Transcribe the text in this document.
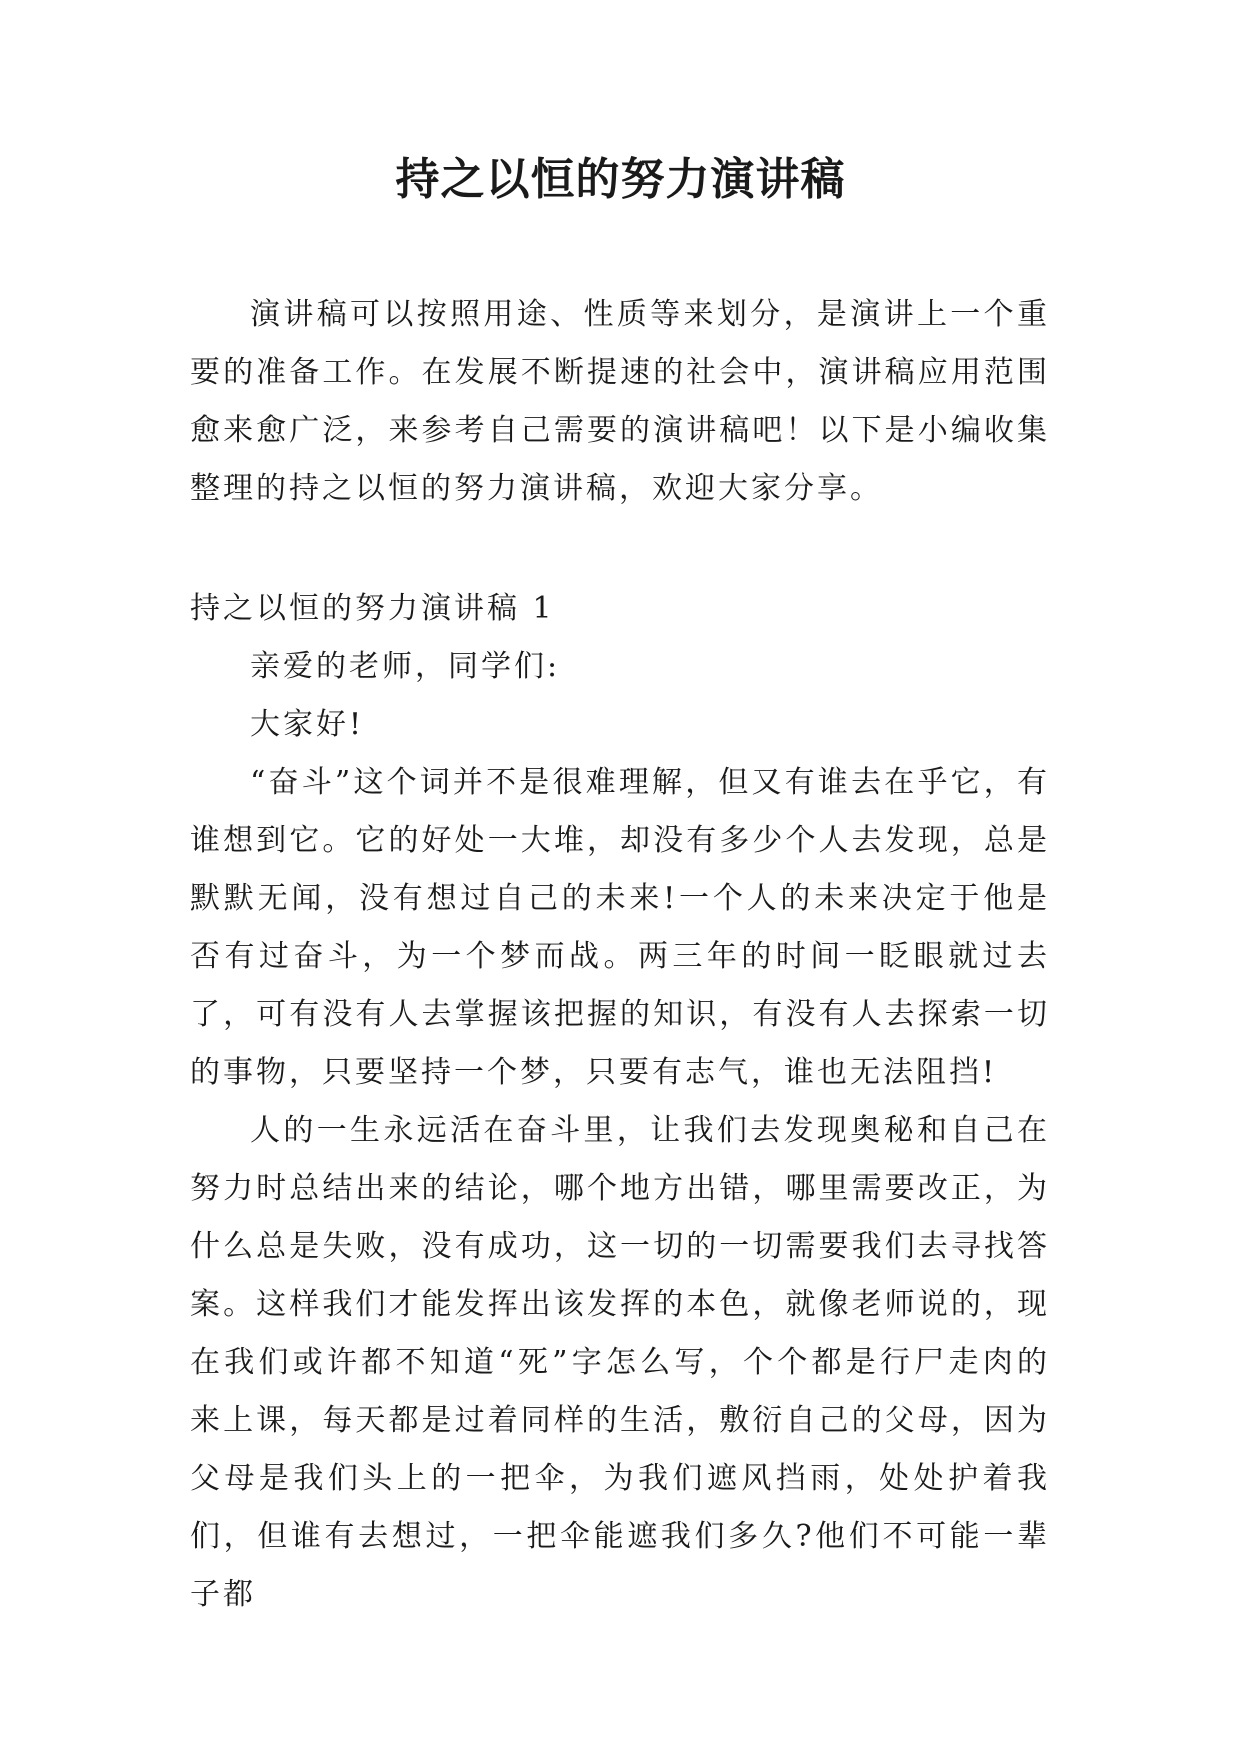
持之以恒的努力演讲稿

演讲稿可以按照用途、性质等来划分，是演讲上一个重要的准备工作。在发展不断提速的社会中，演讲稿应用范围愈来愈广泛，来参考自己需要的演讲稿吧！以下是小编收集整理的持之以恒的努力演讲稿，欢迎大家分享。

持之以恒的努力演讲稿 1

亲爱的老师，同学们:

大家好!

“奋斗”这个词并不是很难理解，但又有谁去在乎它，有谁想到它。它的好处一大堆，却没有多少个人去发现，总是默默无闻，没有想过自己的未来!一个人的未来决定于他是否有过奋斗，为一个梦而战。两三年的时间一眨眼就过去了，可有没有人去掌握该把握的知识，有没有人去探索一切的事物，只要坚持一个梦，只要有志气，谁也无法阻挡!

人的一生永远活在奋斗里，让我们去发现奥秘和自己在努力时总结出来的结论，哪个地方出错，哪里需要改正，为什么总是失败，没有成功，这一切的一切需要我们去寻找答案。这样我们才能发挥出该发挥的本色，就像老师说的，现在我们或许都不知道“死”字怎么写，个个都是行尸走肉的来上课，每天都是过着同样的生活，敷衍自己的父母，因为父母是我们头上的一把伞，为我们遮风挡雨，处处护着我们，但谁有去想过，一把伞能遮我们多久?他们不可能一辈子都
